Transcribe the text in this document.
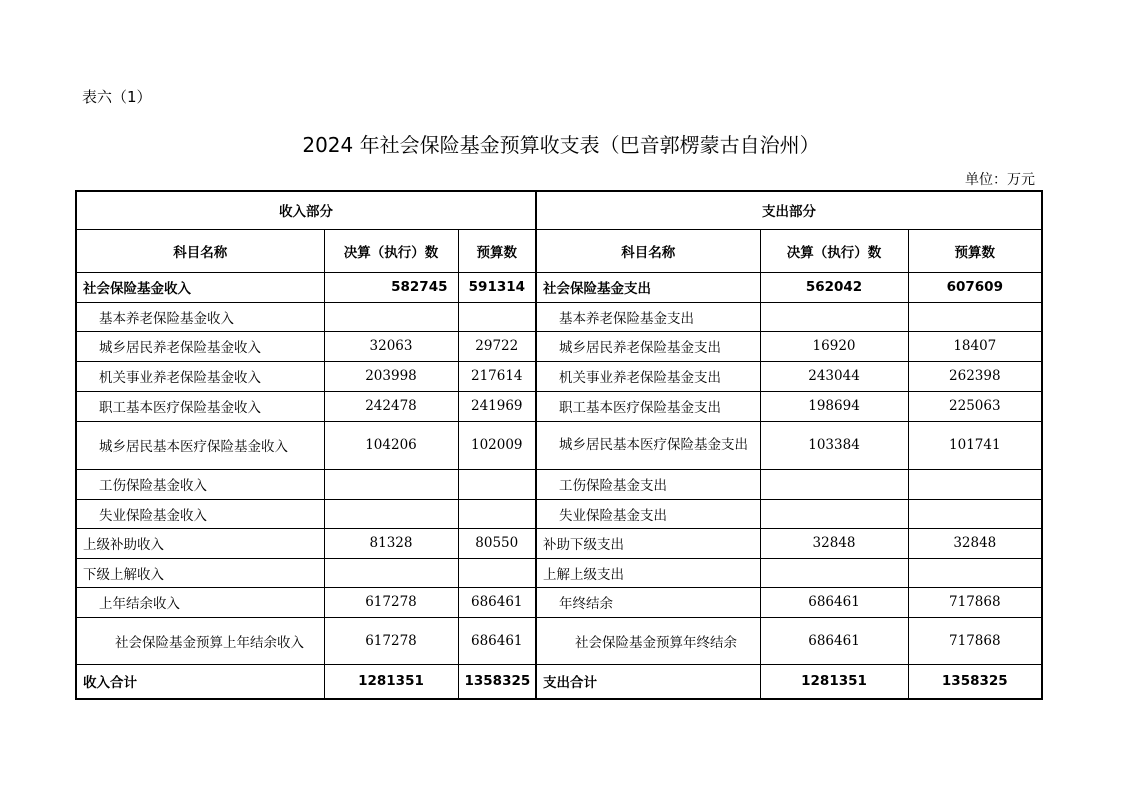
表六（1）
2024 年社会保险基金预算收支表（巴音郭楞蒙古自治州）
单位：万元
收入部分			支出部分		
科目名称	决算（执行）数	预算数	科目名称	决算（执行）数	预算数
社会保险基金收入	582745	591314	社会保险基金支出	562042	607609
基本养老保险基金收入			基本养老保险基金支出		
城乡居民养老保险基金收入	32063	29722	城乡居民养老保险基金支出	16920	18407
机关事业养老保险基金收入	203998	217614	机关事业养老保险基金支出	243044	262398
职工基本医疗保险基金收入	242478	241969	职工基本医疗保险基金支出	198694	225063
城乡居民基本医疗保险基金收入	104206	102009	城乡居民基本医疗保险基金支出	103384	101741
工伤保险基金收入			工伤保险基金支出		
失业保险基金收入			失业保险基金支出		
上级补助收入	81328	80550	补助下级支出	32848	32848
下级上解收入			上解上级支出		
上年结余收入	617278	686461	年终结余	686461	717868
社会保险基金预算上年结余收入	617278	686461	社会保险基金预算年终结余	686461	717868
收入合计	1281351	1358325	支出合计	1281351	1358325
